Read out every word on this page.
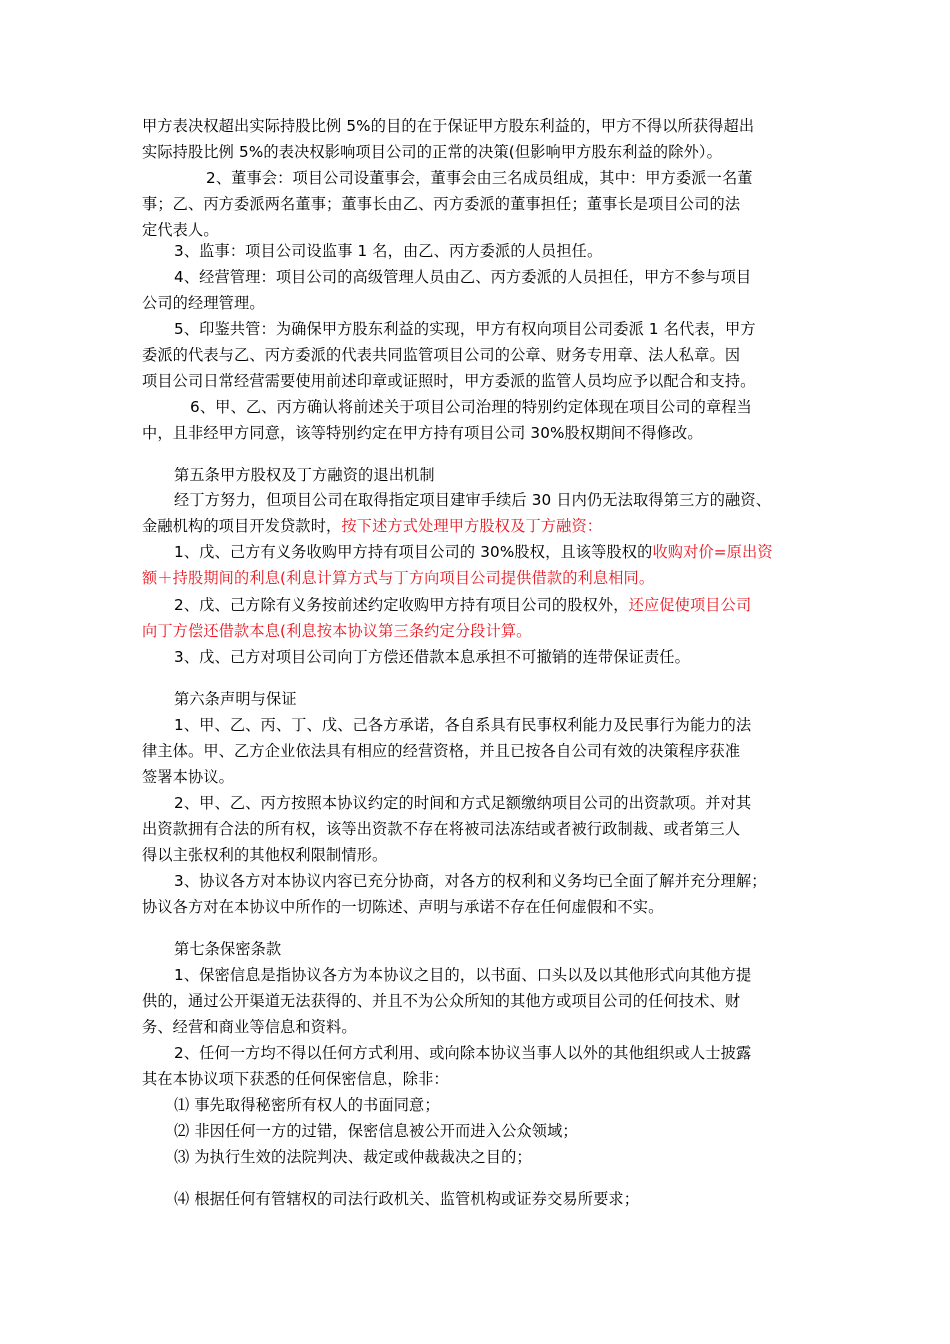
甲方表决权超出实际持股比例 5%的目的在于保证甲方股东利益的，甲方不得以所获得超出
实际持股比例 5%的表决权影响项目公司的正常的决策(但影响甲方股东利益的除外）。
2、董事会：项目公司设董事会，董事会由三名成员组成，其中：甲方委派一名董
事；乙、丙方委派两名董事；董事长由乙、丙方委派的董事担任；董事长是项目公司的法
定代表人。
3、监事：项目公司设监事 1 名，由乙、丙方委派的人员担任。
4、经营管理：项目公司的高级管理人员由乙、丙方委派的人员担任，甲方不参与项目
公司的经理管理。
5、印鉴共管：为确保甲方股东利益的实现，甲方有权向项目公司委派 1 名代表，甲方
委派的代表与乙、丙方委派的代表共同监管项目公司的公章、财务专用章、法人私章。因
项目公司日常经营需要使用前述印章或证照时，甲方委派的监管人员均应予以配合和支持。
6、甲、乙、丙方确认将前述关于项目公司治理的特别约定体现在项目公司的章程当
中，且非经甲方同意，该等特别约定在甲方持有项目公司 30%股权期间不得修改。
第五条甲方股权及丁方融资的退出机制
经丁方努力，但项目公司在取得指定项目建审手续后 30 日内仍无法取得第三方的融资、
金融机构的项目开发贷款时，按下述方式处理甲方股权及丁方融资：
1、戊、己方有义务收购甲方持有项目公司的 30%股权，且该等股权的收购对价=原出资
额＋持股期间的利息(利息计算方式与丁方向项目公司提供借款的利息相同。
2、戊、己方除有义务按前述约定收购甲方持有项目公司的股权外，还应促使项目公司
向丁方偿还借款本息(利息按本协议第三条约定分段计算。
3、戊、己方对项目公司向丁方偿还借款本息承担不可撤销的连带保证责任。
第六条声明与保证
1、甲、乙、丙、丁、戊、己各方承诺，各自系具有民事权利能力及民事行为能力的法
律主体。甲、乙方企业依法具有相应的经营资格，并且已按各自公司有效的决策程序获准
签署本协议。
2、甲、乙、丙方按照本协议约定的时间和方式足额缴纳项目公司的出资款项。并对其
出资款拥有合法的所有权，该等出资款不存在将被司法冻结或者被行政制裁、或者第三人
得以主张权利的其他权利限制情形。
3、协议各方对本协议内容已充分协商，对各方的权利和义务均已全面了解并充分理解；
协议各方对在本协议中所作的一切陈述、声明与承诺不存在任何虚假和不实。
第七条保密条款
1、保密信息是指协议各方为本协议之目的，以书面、口头以及以其他形式向其他方提
供的，通过公开渠道无法获得的、并且不为公众所知的其他方或项目公司的任何技术、财
务、经营和商业等信息和资料。
2、任何一方均不得以任何方式利用、或向除本协议当事人以外的其他组织或人士披露
其在本协议项下获悉的任何保密信息，除非：
⑴ 事先取得秘密所有权人的书面同意；
⑵ 非因任何一方的过错，保密信息被公开而进入公众领域；
⑶ 为执行生效的法院判决、裁定或仲裁裁决之目的；
⑷ 根据任何有管辖权的司法行政机关、监管机构或证券交易所要求；
